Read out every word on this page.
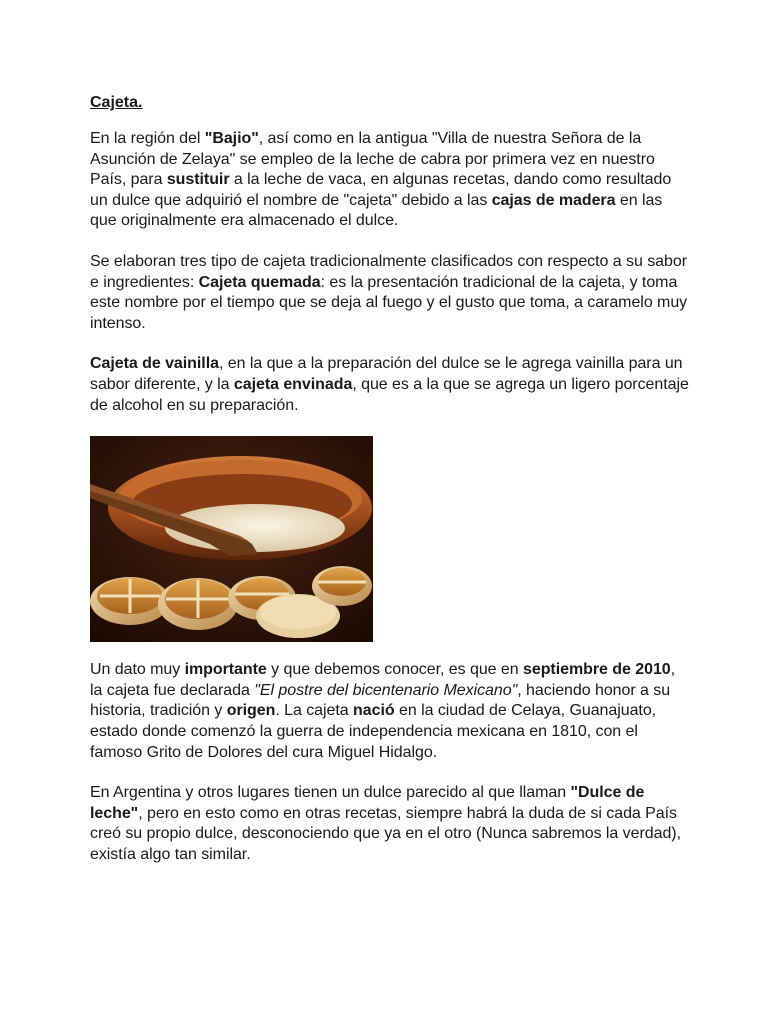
Cajeta.

En la región del "Bajio", así como en la antigua "Villa de nuestra Señora de la Asunción de Zelaya" se empleo de la leche de cabra por primera vez en nuestro País, para sustituir a la leche de vaca, en algunas recetas, dando como resultado un dulce que adquirió el nombre de "cajeta" debido a las cajas de madera en las que originalmente era almacenado el dulce.

Se elaboran tres tipo de cajeta tradicionalmente clasificados con respecto a su sabor e ingredientes: Cajeta quemada: es la presentación tradicional de la cajeta, y toma este nombre por el tiempo que se deja al fuego y el gusto que toma, a caramelo muy intenso.

Cajeta de vainilla, en la que a la preparación del dulce se le agrega vainilla para un sabor diferente, y la cajeta envinada, que es a la que se agrega un ligero porcentaje de alcohol en su preparación.

Un dato muy importante y que debemos conocer, es que en septiembre de 2010, la cajeta fue declarada "El postre del bicentenario Mexicano", haciendo honor a su historia, tradición y origen. La cajeta nació en la ciudad de Celaya, Guanajuato, estado donde comenzó la guerra de independencia mexicana en 1810, con el famoso Grito de Dolores del cura Miguel Hidalgo.

En Argentina y otros lugares tienen un dulce parecido al que llaman "Dulce de leche", pero en esto como en otras recetas, siempre habrá la duda de si cada País creó su propio dulce, desconociendo que ya en el otro (Nunca sabremos la verdad), existía algo tan similar.
